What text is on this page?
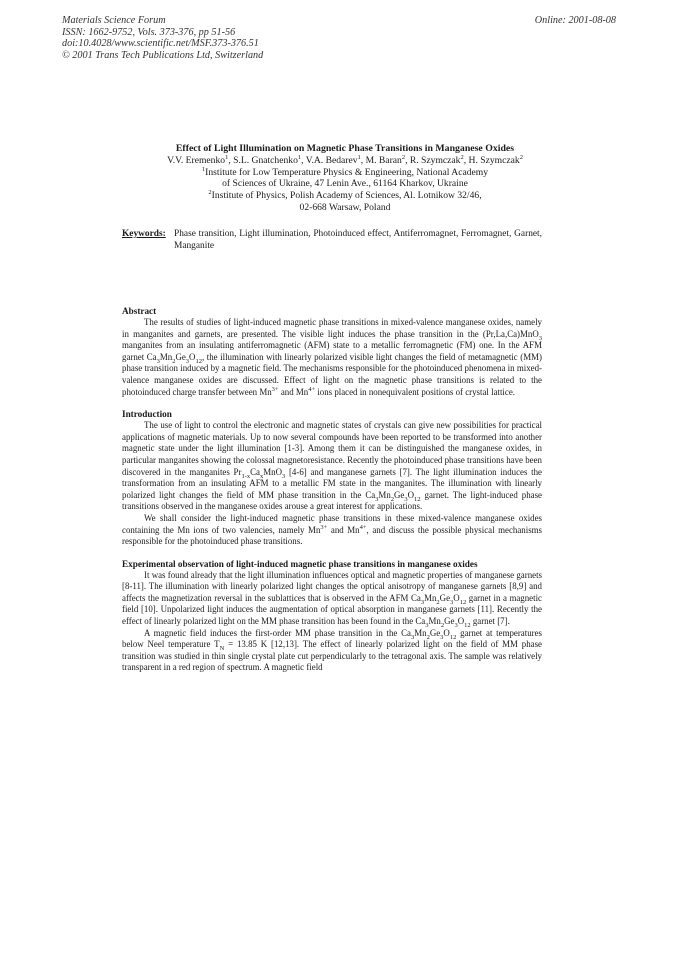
Materials Science Forum
ISSN: 1662-9752, Vols. 373-376, pp 51-56
doi:10.4028/www.scientific.net/MSF.373-376.51
© 2001 Trans Tech Publications Ltd, Switzerland
Online: 2001-08-08
Effect of Light Illumination on Magnetic Phase Transitions in Manganese Oxides
V.V. Eremenko$^1$, S.L. Gnatchenko$^1$, V.A. Bedarev$^1$, M. Baran$^2$, R. Szymczak$^2$, H. Szymczak$^2$
$^1$Institute for Low Temperature Physics & Engineering, National Academy
of Sciences of Ukraine, 47 Lenin Ave., 61164 Kharkov, Ukraine
$^2$Institute of Physics, Polish Academy of Sciences, Al. Lotnikow 32/46,
02-668 Warsaw, Poland
Keywords: Phase transition, Light illumination, Photoinduced effect, Antiferromagnet, Ferromagnet, Garnet, Manganite
Abstract

The results of studies of light-induced magnetic phase transitions in mixed-valence manganese oxides, namely in manganites and garnets, are presented. The visible light induces the phase transition in the (Pr,La,Ca)MnO$_3$ manganites from an insulating antiferromagnetic (AFM) state to a metallic ferromagnetic (FM) one. In the AFM garnet $Ca_3Mn_2Ge_3O_{12}$, the illumination with linearly polarized visible light changes the field of metamagnetic (MM) phase transition induced by a magnetic field. The mechanisms responsible for the photoinduced phenomena in mixed-valence manganese oxides are discussed. Effect of light on the magnetic phase transitions is related to the photoinduced charge transfer between $Mn^{3+}$ and $Mn^{4+}$ ions placed in nonequivalent positions of crystal lattice.

Introduction

The use of light to control the electronic and magnetic states of crystals can give new possibilities for practical applications of magnetic materials. Up to now several compounds have been reported to be transformed into another magnetic state under the light illumination [1-3]. Among them it can be distinguished the manganese oxides, in particular manganites showing the colossal magnetoresistance. Recently the photoinduced phase transitions have been discovered in the manganites $Pr_{1-x}Ca_xMnO_3$ [4-6] and manganese garnets [7]. The light illumination induces the transformation from an insulating AFM to a metallic FM state in the manganites. The illumination with linearly polarized light changes the field of MM phase transition in the $Ca_3Mn_2Ge_3O_{12}$ garnet. The light-induced phase transitions observed in the manganese oxides arouse a great interest for applications.

We shall consider the light-induced magnetic phase transitions in these mixed-valence manganese oxides containing the Mn ions of two valencies, namely $Mn^{3+}$ and $Mn^{4+}$, and discuss the possible physical mechanisms responsible for the photoinduced phase transitions.

Experimental observation of light-induced magnetic phase transitions in manganese oxides

It was found already that the light illumination influences optical and magnetic properties of manganese garnets [8-11]. The illumination with linearly polarized light changes the optical anisotropy of manganese garnets [8,9] and affects the magnetization reversal in the sublattices that is observed in the AFM $Ca_3Mn_2Ge_3O_{12}$ garnet in a magnetic field [10]. Unpolarized light induces the augmentation of optical absorption in manganese garnets [11]. Recently the effect of linearly polarized light on the MM phase transition has been found in the $Ca_3Mn_2Ge_3O_{12}$ garnet [7].

A magnetic field induces the first-order MM phase transition in the $Ca_3Mn_2Ge_3O_{12}$ garnet at temperatures below Neel temperature $T_N = 13.85$ K [12,13]. The effect of linearly polarized light on the field of MM phase transition was studied in thin single crystal plate cut perpendicularly to the tetragonal axis. The sample was relatively transparent in a red region of spectrum. A magnetic field
